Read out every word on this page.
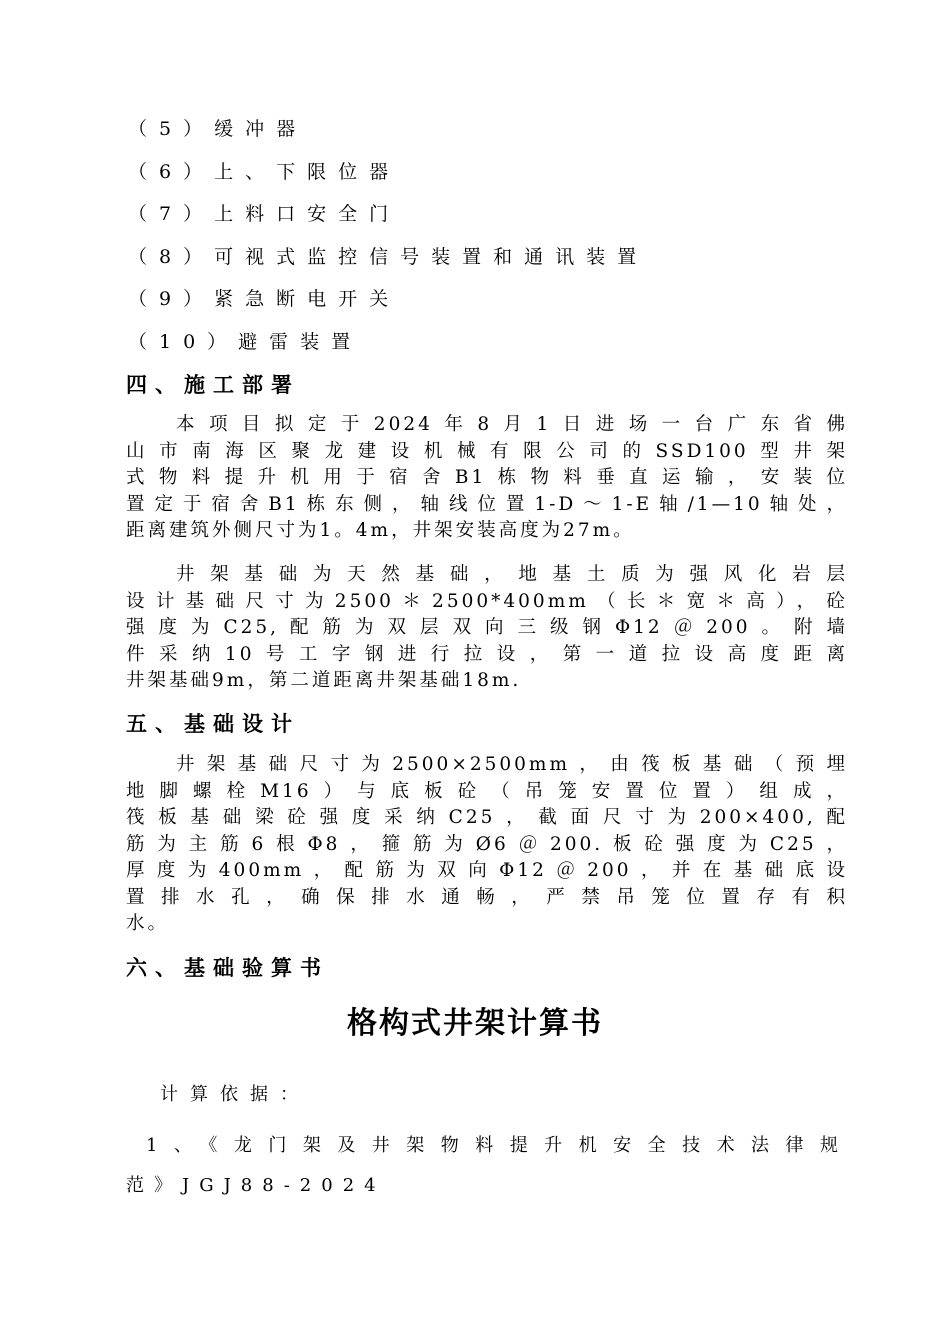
（5）缓冲器
（6）上、下限位器
（7）上料口安全门
（8）可视式监控信号装置和通讯装置
（9）紧急断电开关
（10）避雷装置
四、施工部署
本项目拟定于2024年8月1日进场一台广东省佛
山市南海区聚龙建设机械有限公司的SSD100型井架
式物料提升机用于宿舍B1栋物料垂直运输，安装位
置定于宿舍B1栋东侧，轴线位置1-D～1-E轴/1—10轴处，
距离建筑外侧尺寸为1。4m，井架安装高度为27m。
井架基础为天然基础，地基土质为强风化岩层
设计基础尺寸为2500＊2500*400mm（长＊宽＊高），砼
强度为C25,配筋为双层双向三级钢Φ12＠200。附墙
件采纳10号工字钢进行拉设，第一道拉设高度距离
井架基础9m，第二道距离井架基础18m.
五、基础设计
井架基础尺寸为2500×2500mm，由筏板基础（预埋
地脚螺栓M16）与底板砼（吊笼安置位置）组成，
筏板基础梁砼强度采纳C25，截面尺寸为200×400,配
筋为主筋6根Φ8，箍筋为Ø6＠200.板砼强度为C25，
厚度为400mm，配筋为双向Φ12＠200，并在基础底设
置排水孔，确保排水通畅，严禁吊笼位置存有积
水。
六、基础验算书
格构式井架计算书
计算依据：
1、《龙门架及井架物料提升机安全技术法律规
范》JGJ88-2024
